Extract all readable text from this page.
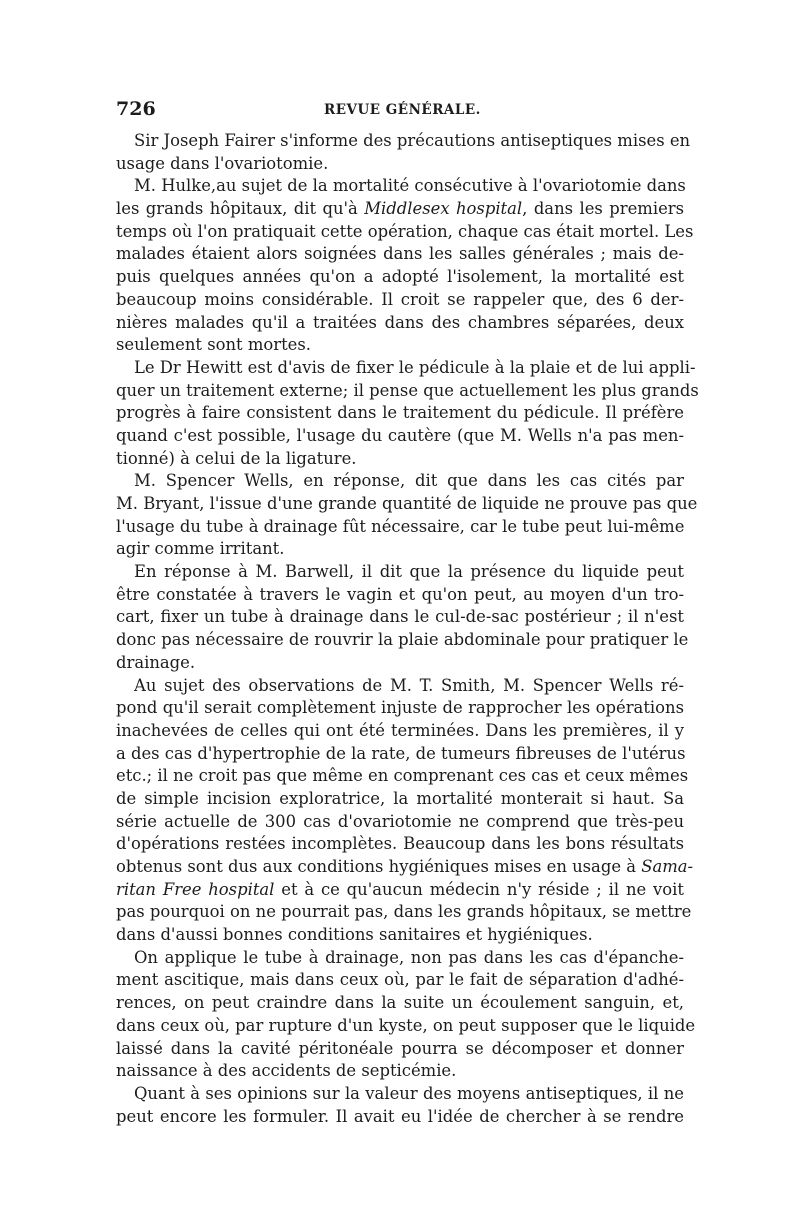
726	REVUE GÉNÉRALE.
Sir Joseph Fairer s'informe des précautions antiseptiques mises en
usage dans l'ovariotomie.
M. Hulke,au sujet de la mortalité consécutive à l'ovariotomie dans
les grands hôpitaux, dit qu'à Middlesex hospital, dans les premiers
temps où l'on pratiquait cette opération, chaque cas était mortel. Les
malades étaient alors soignées dans les salles générales ; mais de-
puis quelques années qu'on a adopté l'isolement, la mortalité est
beaucoup moins considérable. Il croit se rappeler que, des 6 der-
nières malades qu'il a traitées dans des chambres séparées, deux
seulement sont mortes.
Le Dr Hewitt est d'avis de fixer le pédicule à la plaie et de lui appli-
quer un traitement externe; il pense que actuellement les plus grands
progrès à faire consistent dans le traitement du pédicule. Il préfère
quand c'est possible, l'usage du cautère (que M. Wells n'a pas men-
tionné) à celui de la ligature.
M. Spencer Wells, en réponse, dit que dans les cas cités par
M. Bryant, l'issue d'une grande quantité de liquide ne prouve pas que
l'usage du tube à drainage fût nécessaire, car le tube peut lui-même
agir comme irritant.
En réponse à M. Barwell, il dit que la présence du liquide peut
être constatée à travers le vagin et qu'on peut, au moyen d'un tro-
cart, fixer un tube à drainage dans le cul-de-sac postérieur ; il n'est
donc pas nécessaire de rouvrir la plaie abdominale pour pratiquer le
drainage.
Au sujet des observations de M. T. Smith, M. Spencer Wells ré-
pond qu'il serait complètement injuste de rapprocher les opérations
inachevées de celles qui ont été terminées. Dans les premières, il y
a des cas d'hypertrophie de la rate, de tumeurs fibreuses de l'utérus
etc.; il ne croit pas que même en comprenant ces cas et ceux mêmes
de simple incision exploratrice, la mortalité monterait si haut. Sa
série actuelle de 300 cas d'ovariotomie ne comprend que très-peu
d'opérations restées incomplètes. Beaucoup dans les bons résultats
obtenus sont dus aux conditions hygiéniques mises en usage à Sama-
ritan Free hospital et à ce qu'aucun médecin n'y réside ; il ne voit
pas pourquoi on ne pourrait pas, dans les grands hôpitaux, se mettre
dans d'aussi bonnes conditions sanitaires et hygiéniques.
On applique le tube à drainage, non pas dans les cas d'épanche-
ment ascitique, mais dans ceux où, par le fait de séparation d'adhé-
rences, on peut craindre dans la suite un écoulement sanguin, et,
dans ceux où, par rupture d'un kyste, on peut supposer que le liquide
laissé dans la cavité péritonéale pourra se décomposer et donner
naissance à des accidents de septicémie.
Quant à ses opinions sur la valeur des moyens antiseptiques, il ne
peut encore les formuler. Il avait eu l'idée de chercher à se rendre
